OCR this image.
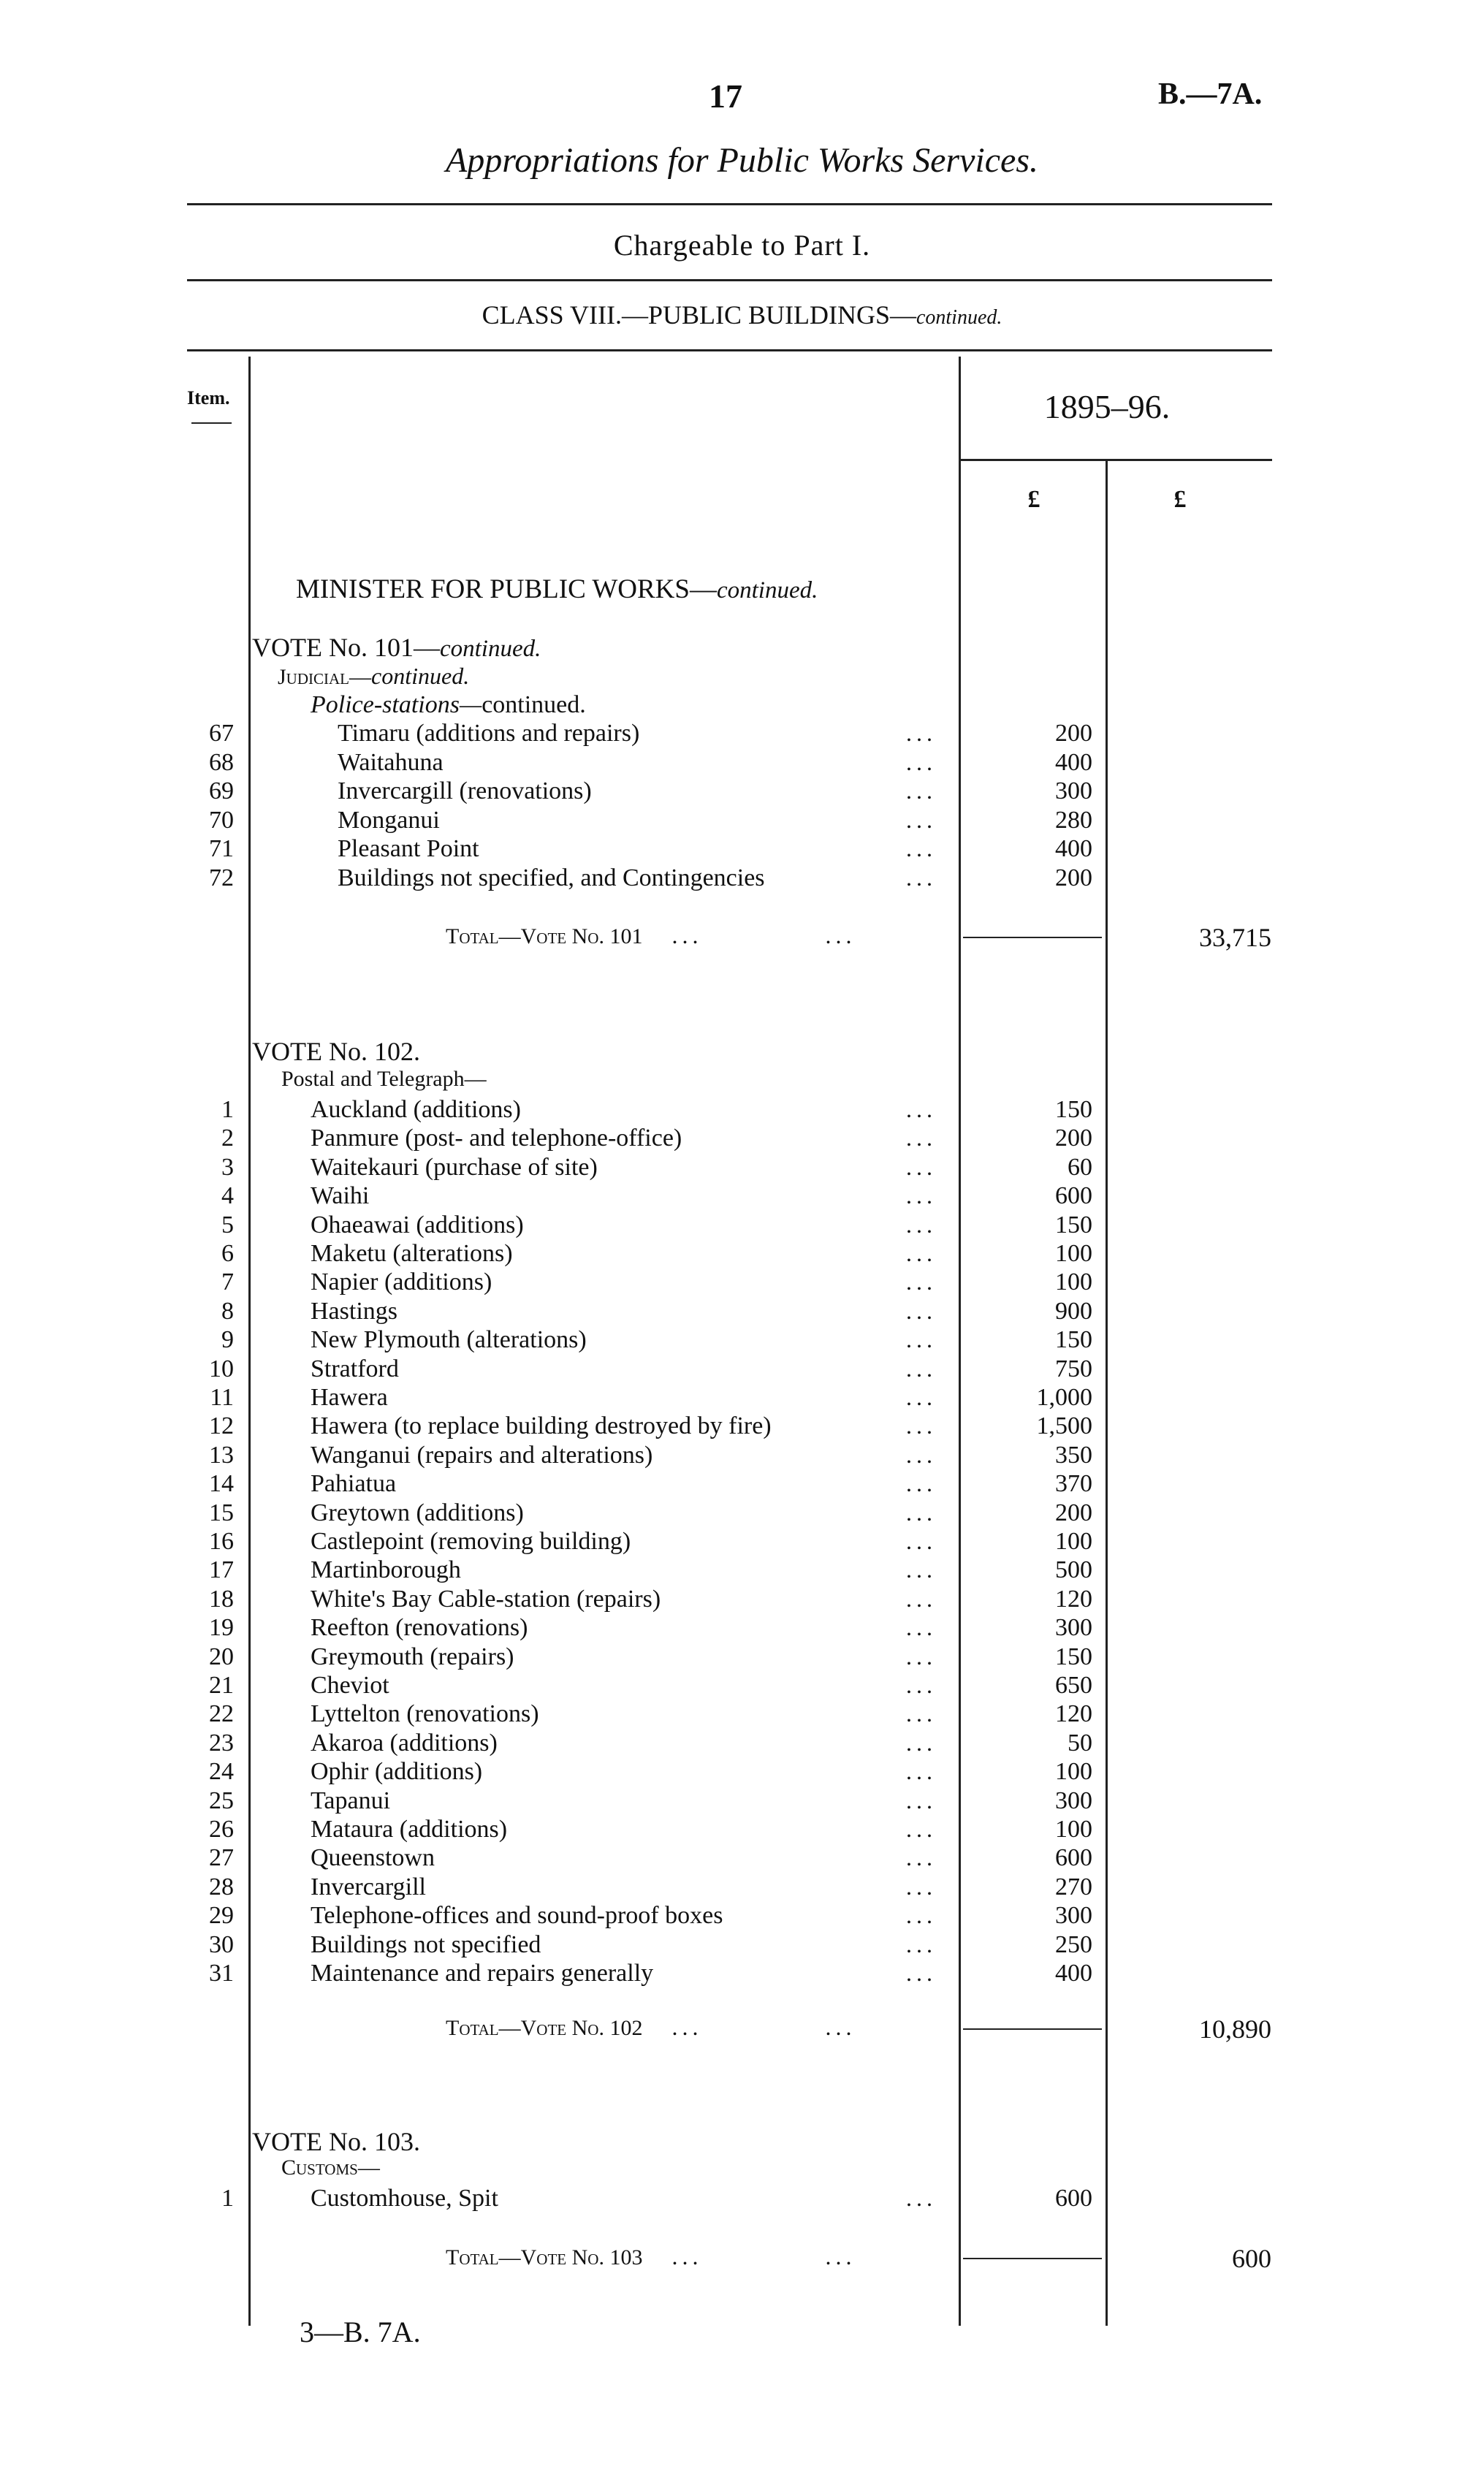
17	B.—7A.
Appropriations for Public Works Services.
Chargeable to Part I.
CLASS VIII.—PUBLIC BUILDINGS—continued.
Item.	1895–96.
£	£
MINISTER FOR PUBLIC WORKS—continued.
VOTE No. 101—continued.
Judicial—continued.
Police-stations—continued.
67	Timaru (additions and repairs)	...	200
68	Waitahuna	...	400
69	Invercargill (renovations)	...	300
70	Monganui	...	280
71	Pleasant Point	...	400
72	Buildings not specified, and Contingencies	...	200
Total—Vote No. 101 ...            ...	33,715
VOTE No. 102.
Postal and Telegraph—
1	Auckland (additions)	...	150
2	Panmure (post- and telephone-office)	...	200
3	Waitekauri (purchase of site)	...	60
4	Waihi	...	600
5	Ohaeawai (additions)	...	150
6	Maketu (alterations)	...	100
7	Napier (additions)	...	100
8	Hastings	...	900
9	New Plymouth (alterations)	...	150
10	Stratford	...	750
11	Hawera	...	1,000
12	Hawera (to replace building destroyed by fire)	...	1,500
13	Wanganui (repairs and alterations)	...	350
14	Pahiatua	...	370
15	Greytown (additions)	...	200
16	Castlepoint (removing building)	...	100
17	Martinborough	...	500
18	White's Bay Cable-station (repairs)	...	120
19	Reefton (renovations)	...	300
20	Greymouth (repairs)	...	150
21	Cheviot	...	650
22	Lyttelton (renovations)	...	120
23	Akaroa (additions)	...	50
24	Ophir (additions)	...	100
25	Tapanui	...	300
26	Mataura (additions)	...	100
27	Queenstown	...	600
28	Invercargill	...	270
29	Telephone-offices and sound-proof boxes	...	300
30	Buildings not specified	...	250
31	Maintenance and repairs generally	...	400
Total—Vote No. 102 ...            ...	10,890
VOTE No. 103.
Customs—
1	Customhouse, Spit	...	600
Total—Vote No. 103 ...            ...	600
3—B. 7A.
